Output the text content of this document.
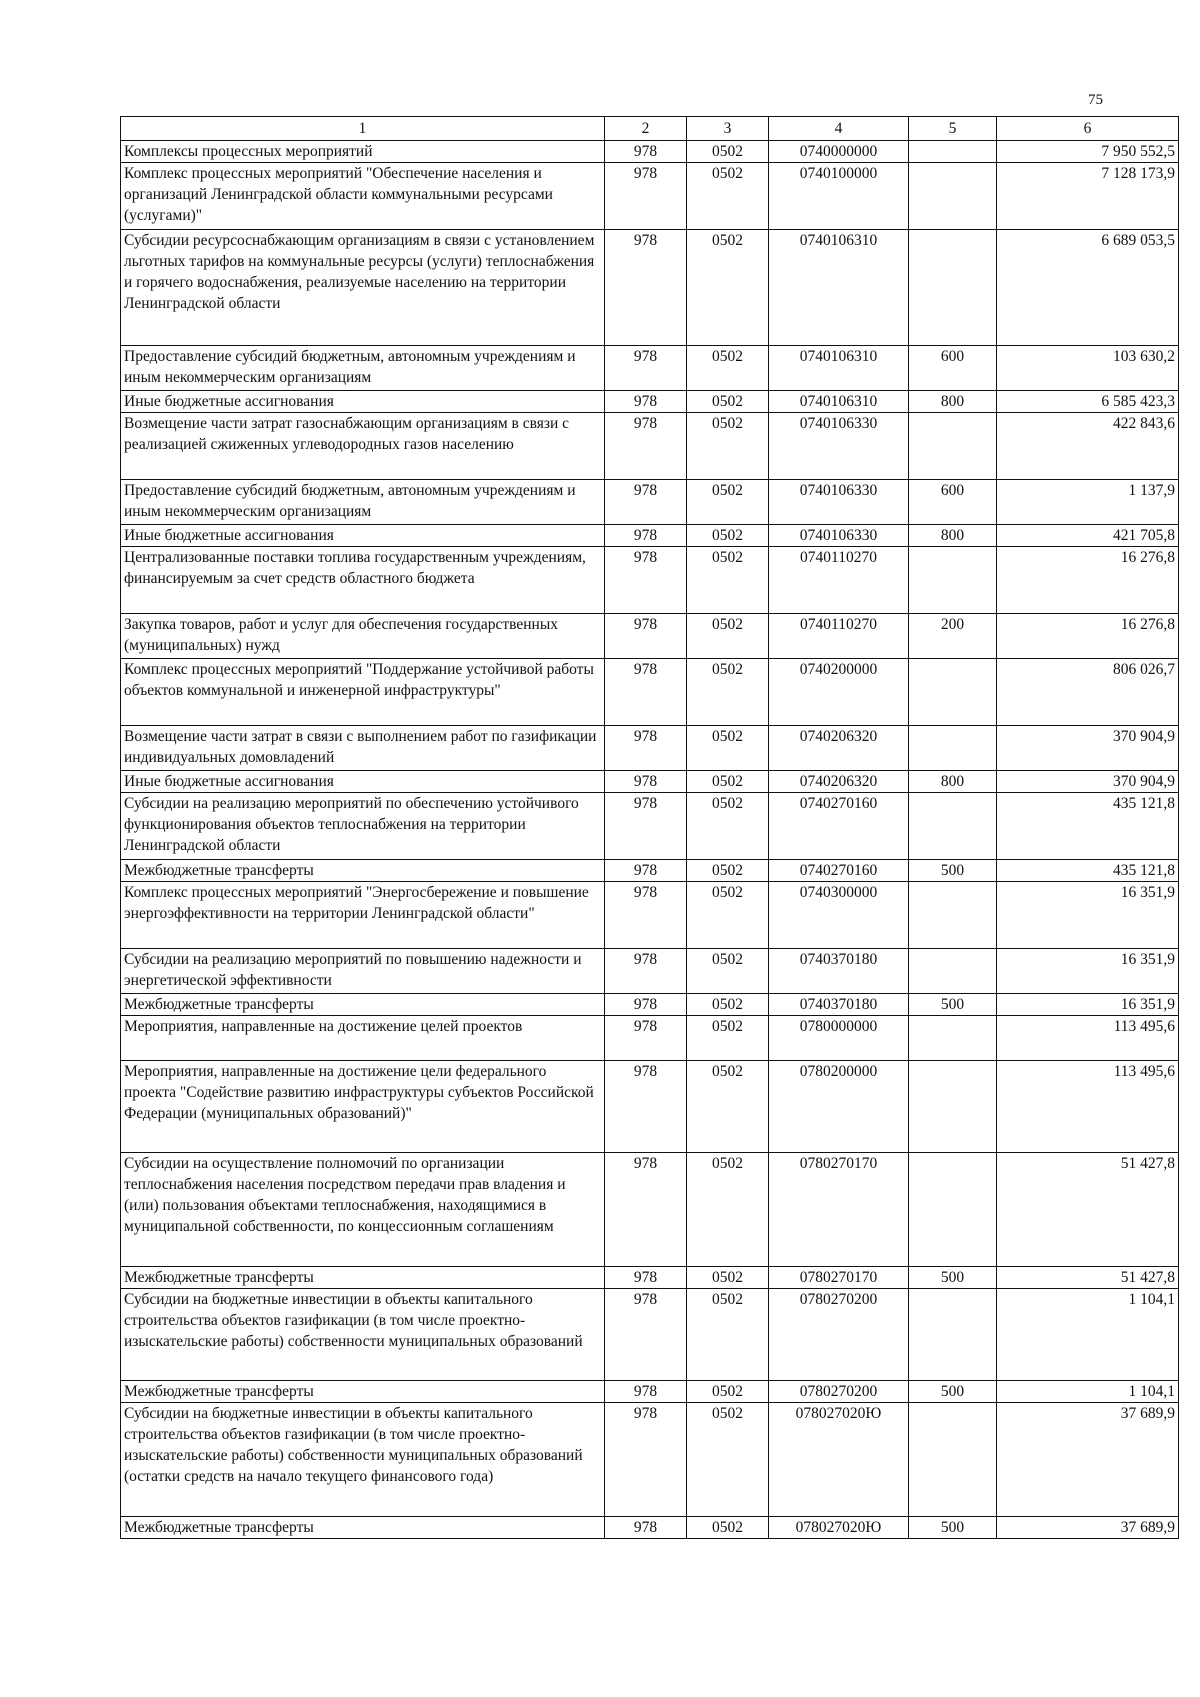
75
1	2	3	4	5	6
Комплексы процессных мероприятий	978	0502	0740000000		7 950 552,5
Комплекс процессных мероприятий "Обеспечение населения и организаций Ленинградской области коммунальными ресурсами (услугами)"	978	0502	0740100000		7 128 173,9
Субсидии ресурсоснабжающим организациям в связи с установлением льготных тарифов на коммунальные ресурсы (услуги) теплоснабжения и горячего водоснабжения, реализуемые населению на территории Ленинградской области	978	0502	0740106310		6 689 053,5
Предоставление субсидий бюджетным, автономным учреждениям и иным некоммерческим организациям	978	0502	0740106310	600	103 630,2
Иные бюджетные ассигнования	978	0502	0740106310	800	6 585 423,3
Возмещение части затрат газоснабжающим организациям в связи с реализацией сжиженных углеводородных газов населению	978	0502	0740106330		422 843,6
Предоставление субсидий бюджетным, автономным учреждениям и иным некоммерческим организациям	978	0502	0740106330	600	1 137,9
Иные бюджетные ассигнования	978	0502	0740106330	800	421 705,8
Централизованные поставки топлива государственным учреждениям, финансируемым за счет средств областного бюджета	978	0502	0740110270		16 276,8
Закупка товаров, работ и услуг для обеспечения государственных (муниципальных) нужд	978	0502	0740110270	200	16 276,8
Комплекс процессных мероприятий "Поддержание устойчивой работы объектов коммунальной и инженерной инфраструктуры"	978	0502	0740200000		806 026,7
Возмещение части затрат в связи с выполнением работ по газификации индивидуальных домовладений	978	0502	0740206320		370 904,9
Иные бюджетные ассигнования	978	0502	0740206320	800	370 904,9
Субсидии на реализацию мероприятий по обеспечению устойчивого функционирования объектов теплоснабжения на территории Ленинградской области	978	0502	0740270160		435 121,8
Межбюджетные трансферты	978	0502	0740270160	500	435 121,8
Комплекс процессных мероприятий "Энергосбережение и повышение энергоэффективности на территории Ленинградской области"	978	0502	0740300000		16 351,9
Субсидии на реализацию мероприятий по повышению надежности и энергетической эффективности	978	0502	0740370180		16 351,9
Межбюджетные трансферты	978	0502	0740370180	500	16 351,9
Мероприятия, направленные на достижение целей проектов	978	0502	0780000000		113 495,6
Мероприятия, направленные на достижение цели федерального проекта "Содействие развитию инфраструктуры субъектов Российской Федерации (муниципальных образований)"	978	0502	0780200000		113 495,6
Субсидии на осуществление полномочий по организации теплоснабжения населения посредством передачи прав владения и (или) пользования объектами теплоснабжения, находящимися в муниципальной собственности, по концессионным соглашениям	978	0502	0780270170		51 427,8
Межбюджетные трансферты	978	0502	0780270170	500	51 427,8
Субсидии на бюджетные инвестиции в объекты капитального строительства объектов газификации (в том числе проектно-изыскательские работы) собственности муниципальных образований	978	0502	0780270200		1 104,1
Межбюджетные трансферты	978	0502	0780270200	500	1 104,1
Субсидии на бюджетные инвестиции в объекты капитального строительства объектов газификации (в том числе проектно-изыскательские работы) собственности муниципальных образований (остатки средств на начало текущего финансового года)	978	0502	078027020Ю		37 689,9
Межбюджетные трансферты	978	0502	078027020Ю	500	37 689,9
